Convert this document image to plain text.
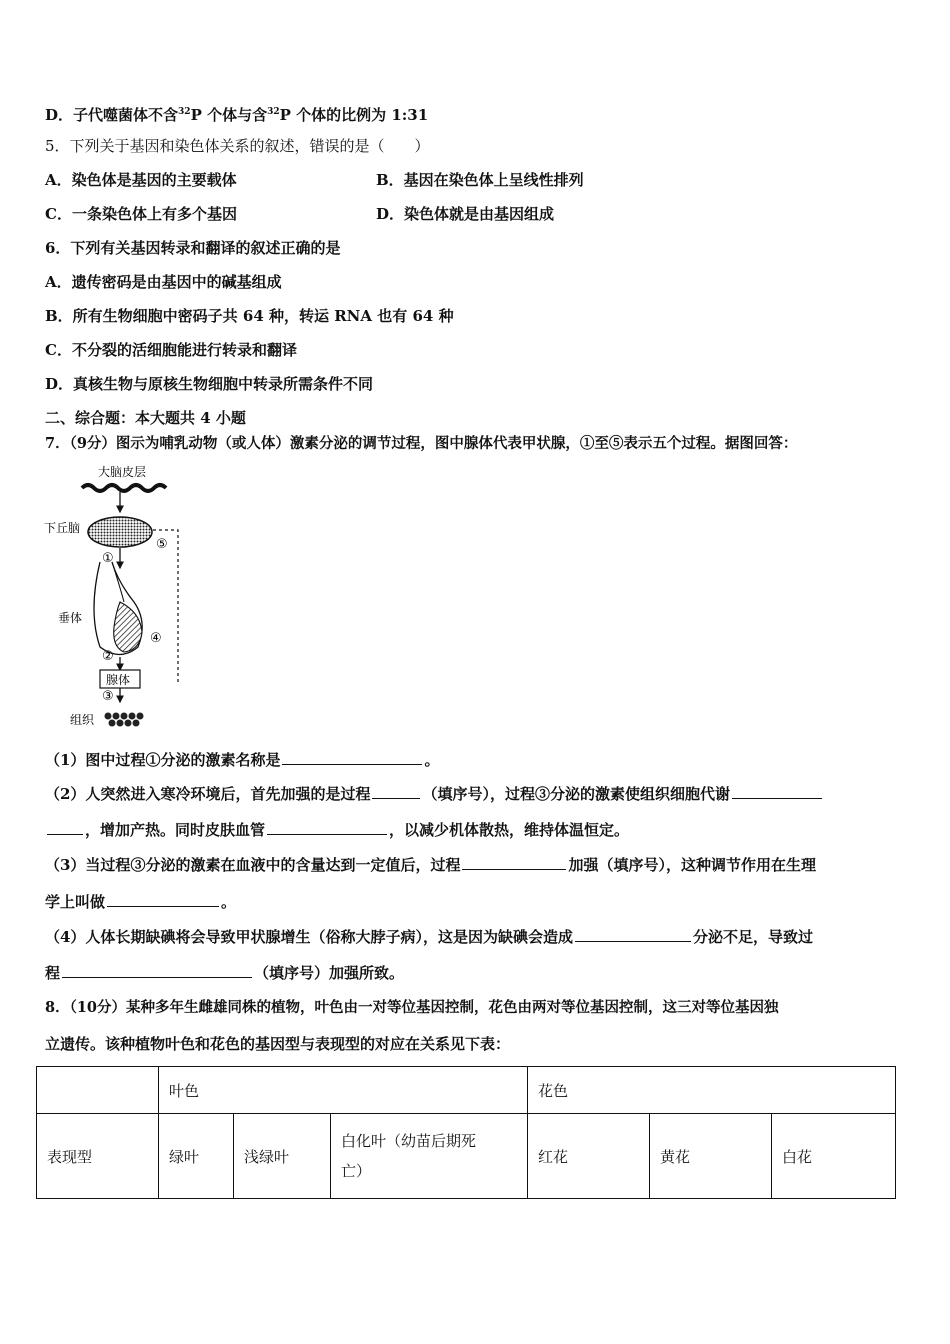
D．子代噬菌体不含$^{32}$P 个体与含$^{32}$P 个体的比例为 1:31
5．下列关于基因和染色体关系的叙述，错误的是（　　）
A．染色体是基因的主要载体	B．基因在染色体上呈线性排列
C．一条染色体上有多个基因	D．染色体就是由基因组成
6．下列有关基因转录和翻译的叙述正确的是
A．遗传密码是由基因中的碱基组成
B．所有生物细胞中密码子共 64 种，转运 RNA 也有 64 种
C．不分裂的活细胞能进行转录和翻译
D．真核生物与原核生物细胞中转录所需条件不同
二、综合题：本大题共 4 小题
7．（9分）图示为哺乳动物（或人体）激素分泌的调节过程，图中腺体代表甲状腺，①至⑤表示五个过程。据图回答：
大脑皮层
下丘脑
⑤
①
垂体
④
②
腺体
③
组织
（1）图中过程①分泌的激素名称是	。
（2）人突然进入寒冷环境后，首先加强的是过程	（填序号），过程③分泌的激素使组织细胞代谢
，增加产热。同时皮肤血管	，以减少机体散热，维持体温恒定。
（3）当过程③分泌的激素在血液中的含量达到一定值后，过程	加强（填序号），这种调节作用在生理
学上叫做	。
（4）人体长期缺碘将会导致甲状腺增生（俗称大脖子病），这是因为缺碘会造成	分泌不足，导致过
程	（填序号）加强所致。
8．（10分）某种多年生雌雄同株的植物，叶色由一对等位基因控制，花色由两对等位基因控制，这三对等位基因独
立遗传。该种植物叶色和花色的基因型与表现型的对应在关系见下表：
	叶色			花色		
表现型	绿叶	浅绿叶	白化叶（幼苗后期死
亡）	红花	黄花	白花
